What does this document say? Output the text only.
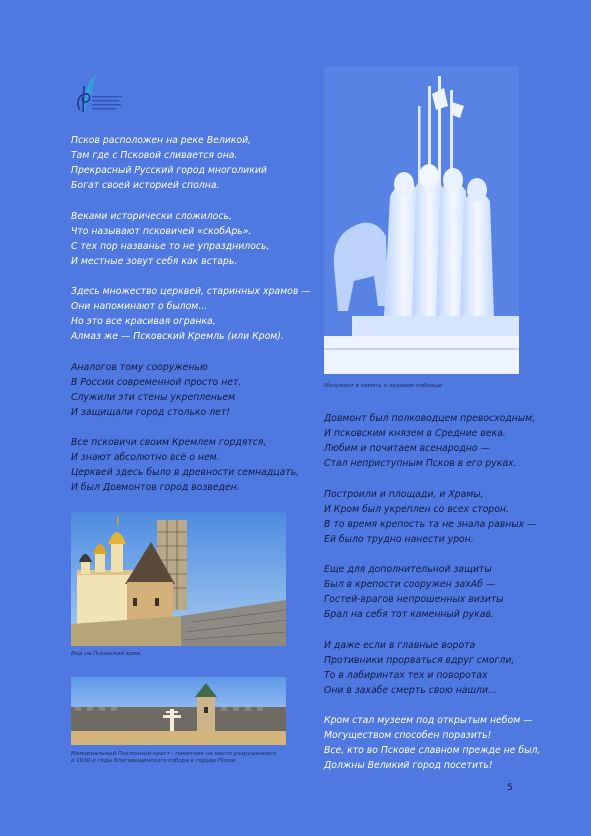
Псков расположен на реке Великой,
Там где с Псковой сливается она.
Прекрасный Русский город многоликий
Богат своей историей сполна.
Веками исторически сложилось,
Что называют псковичей «скобАрь».
С тех пор названье то не упразднилось,
И местные зовут себя как встарь.
Здесь множество церквей, старинных храмов —
Они напоминают о былом...
Но это все красивая огранка,
Алмаз же — Псковский Кремль (или Кром).
Аналогов тому сооруженью
В России современной просто нет.
Служили эти стены укрепленьем
И защищали город столько лет!
Все псковичи своим Кремлем гордятся,
И знают абсолютно всё о нем.
Церквей здесь было в древности семнадцать,
И был Довмонтов город возведен.
Монумент в память о ледовом побоище
Довмонт был полководцем превосходным,
И псковским князем в Средние века.
Любим и почитаем всенародно —
Стал неприступным Псков в его руках.
Построили и площади, и Храмы,
И Кром был укреплен со всех сторон.
В то время крепость та не знала равных —
Ей было трудно нанести урон.
Еще для дополнительной защиты
Был в крепости сооружен захАб —
Гостей-врагов непрошенных визиты
Брал на себя тот каменный рукав.
И даже если в главные ворота
Противники прорваться вдруг смогли,
То в лабиринтах тех и поворотах
Они в захабе смерть свою нашли...
Кром стал музеем под открытым небом —
Могуществом способен поразить!
Все, кто во Пскове славном прежде не был,
Должны Великий город посетить!
Вид на Псковский кром
Мемориальный Поклонный крест - памятник на месте разрушенного
в 1930-е годы Благовещенского собора в городе Псков
5
